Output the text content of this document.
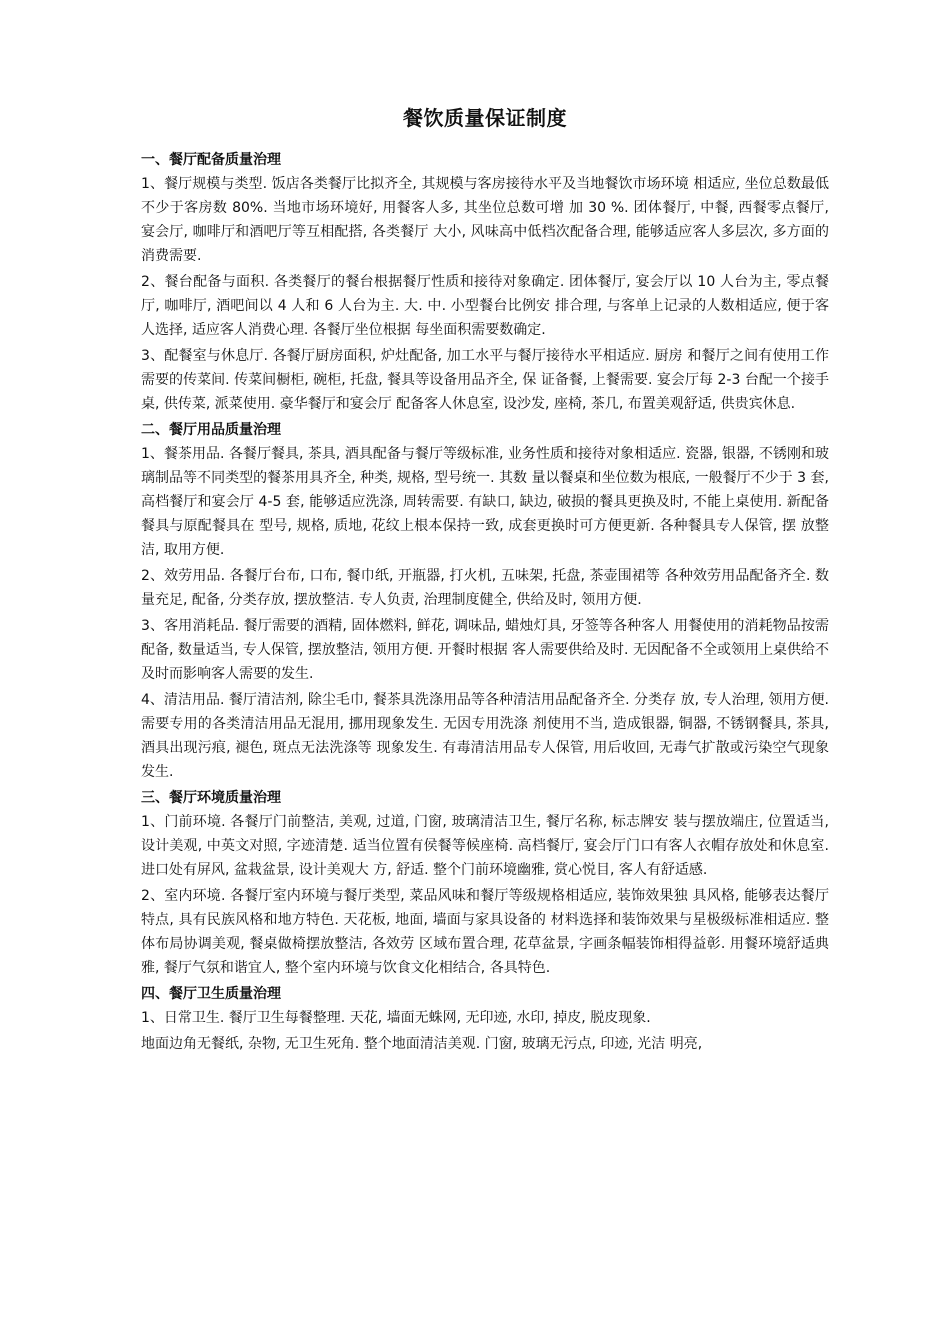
餐饮质量保证制度
一、餐厅配备质量治理
1、餐厅规模与类型. 饭店各类餐厅比拟齐全, 其规模与客房接待水平及当地餐饮市场环境 相适应, 坐位总数最低不少于客房数 80%. 当地市场环境好, 用餐客人多, 其坐位总数可增 加 30 %. 团体餐厅, 中餐, 西餐零点餐厅, 宴会厅, 咖啡厅和酒吧厅等互相配搭, 各类餐厅 大小, 风味高中低档次配备合理, 能够适应客人多层次, 多方面的消费需要.
2、餐台配备与面积. 各类餐厅的餐台根据餐厅性质和接待对象确定. 团体餐厅, 宴会厅以 10 人台为主, 零点餐厅, 咖啡厅, 酒吧间以 4 人和 6 人台为主. 大. 中. 小型餐台比例安 排合理, 与客单上记录的人数相适应, 便于客人选择, 适应客人消费心理. 各餐厅坐位根据 每坐面积需要数确定.
3、配餐室与休息厅. 各餐厅厨房面积, 炉灶配备, 加工水平与餐厅接待水平相适应. 厨房 和餐厅之间有使用工作需要的传菜间. 传菜间橱柜, 碗柜, 托盘, 餐具等设备用品齐全, 保 证备餐, 上餐需要. 宴会厅每 2-3 台配一个接手桌, 供传菜, 派菜使用. 豪华餐厅和宴会厅 配备客人休息室, 设沙发, 座椅, 茶几, 布置美观舒适, 供贵宾休息.
二、餐厅用品质量治理
1、餐茶用品. 各餐厅餐具, 茶具, 酒具配备与餐厅等级标准, 业务性质和接待对象相适应. 瓷器, 银器, 不锈刚和玻璃制品等不同类型的餐茶用具齐全, 种类, 规格, 型号统一. 其数 量以餐桌和坐位数为根底, 一般餐厅不少于 3 套, 高档餐厅和宴会厅 4-5 套, 能够适应洗涤, 周转需要. 有缺口, 缺边, 破损的餐具更换及时, 不能上桌使用. 新配备餐具与原配餐具在 型号, 规格, 质地, 花纹上根本保持一致, 成套更换时可方便更新. 各种餐具专人保管, 摆 放整洁, 取用方便.
2、效劳用品. 各餐厅台布, 口布, 餐巾纸, 开瓶器, 打火机, 五味架, 托盘, 茶壶围裙等 各种效劳用品配备齐全. 数量充足, 配备, 分类存放, 摆放整洁. 专人负责, 治理制度健全, 供给及时, 领用方便.
3、客用消耗品. 餐厅需要的酒精, 固体燃料, 鲜花, 调味品, 蜡烛灯具, 牙签等各种客人 用餐使用的消耗物品按需配备, 数量适当, 专人保管, 摆放整洁, 领用方便. 开餐时根据 客人需要供给及时. 无因配备不全或领用上桌供给不及时而影响客人需要的发生.
4、清洁用品. 餐厅清洁剂, 除尘毛巾, 餐茶具洗涤用品等各种清洁用品配备齐全. 分类存 放, 专人治理, 领用方便. 需要专用的各类清洁用品无混用, 挪用现象发生. 无因专用洗涤 剂使用不当, 造成银器, 铜器, 不锈钢餐具, 茶具, 酒具出现污痕, 褪色, 斑点无法洗涤等 现象发生. 有毒清洁用品专人保管, 用后收回, 无毒气扩散或污染空气现象发生.
三、餐厅环境质量治理
1、门前环境. 各餐厅门前整洁, 美观, 过道, 门窗, 玻璃清洁卫生, 餐厅名称, 标志牌安 装与摆放端庄, 位置适当, 设计美观, 中英文对照, 字迹清楚. 适当位置有侯餐等候座椅. 高档餐厅, 宴会厅门口有客人衣帽存放处和休息室. 进口处有屏风, 盆栽盆景, 设计美观大 方, 舒适. 整个门前环境幽雅, 赏心悦目, 客人有舒适感.
2、室内环境. 各餐厅室内环境与餐厅类型, 菜品风味和餐厅等级规格相适应, 装饰效果独 具风格, 能够表达餐厅特点, 具有民族风格和地方特色. 天花板, 地面, 墙面与家具设备的 材料选择和装饰效果与星极级标准相适应. 整体布局协调美观, 餐桌做椅摆放整洁, 各效劳 区域布置合理, 花草盆景, 字画条幅装饰相得益彰. 用餐环境舒适典雅, 餐厅气氛和谐宜人, 整个室内环境与饮食文化相结合, 各具特色.
四、餐厅卫生质量治理
1、日常卫生. 餐厅卫生每餐整理. 天花, 墙面无蛛网, 无印迹, 水印, 掉皮, 脱皮现象.
地面边角无餐纸, 杂物, 无卫生死角. 整个地面清洁美观. 门窗, 玻璃无污点, 印迹, 光洁 明亮,
